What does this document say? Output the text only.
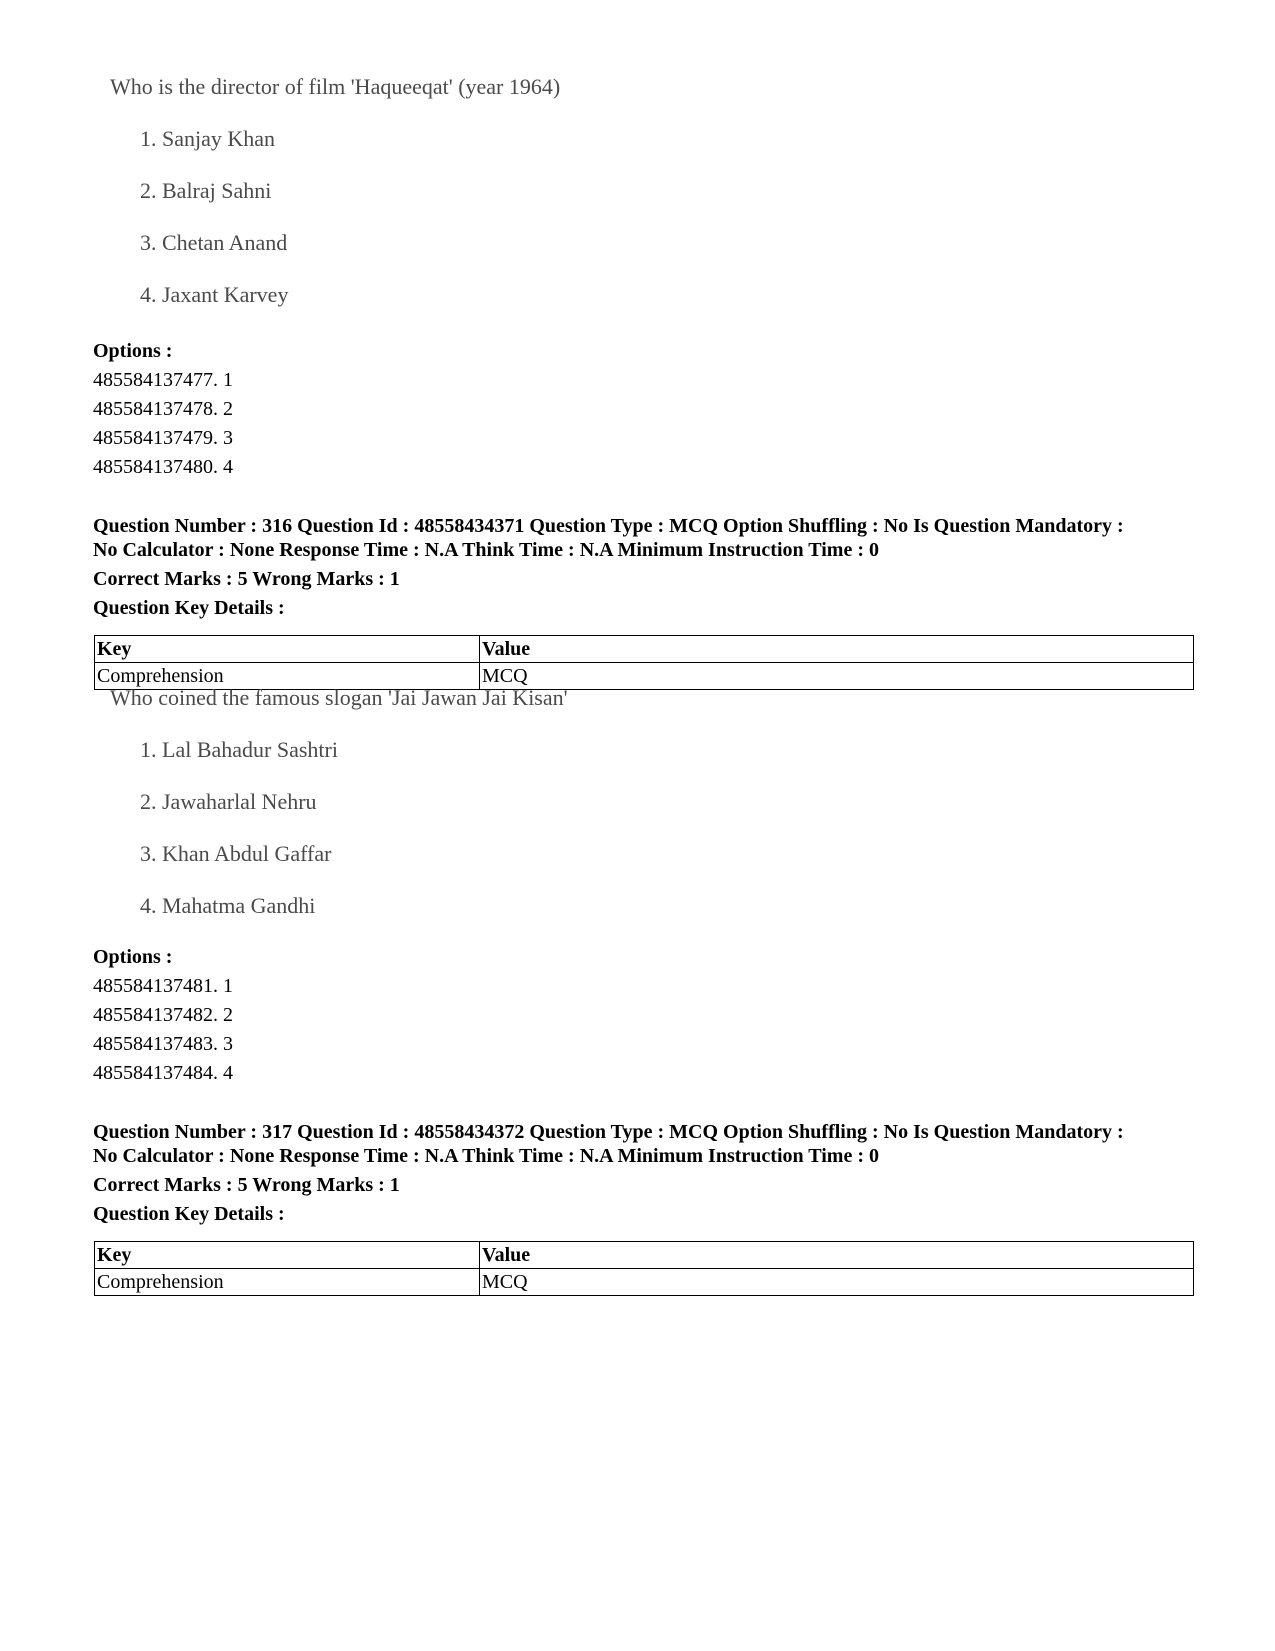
Who is the director of film 'Haqueeqat' (year 1964)
1. Sanjay Khan
2. Balraj Sahni
3. Chetan Anand
4. Jaxant Karvey
Options :
485584137477. 1
485584137478. 2
485584137479. 3
485584137480. 4
Question Number : 316 Question Id : 48558434371 Question Type : MCQ Option Shuffling : No Is Question Mandatory :
No Calculator : None Response Time : N.A Think Time : N.A Minimum Instruction Time : 0
Correct Marks : 5 Wrong Marks : 1
Question Key Details :
Key	Value
Comprehension	MCQ
Who coined the famous slogan 'Jai Jawan Jai Kisan'
1. Lal Bahadur Sashtri
2. Jawaharlal Nehru
3. Khan Abdul Gaffar
4. Mahatma Gandhi
Options :
485584137481. 1
485584137482. 2
485584137483. 3
485584137484. 4
Question Number : 317 Question Id : 48558434372 Question Type : MCQ Option Shuffling : No Is Question Mandatory :
No Calculator : None Response Time : N.A Think Time : N.A Minimum Instruction Time : 0
Correct Marks : 5 Wrong Marks : 1
Question Key Details :
Key	Value
Comprehension	MCQ
